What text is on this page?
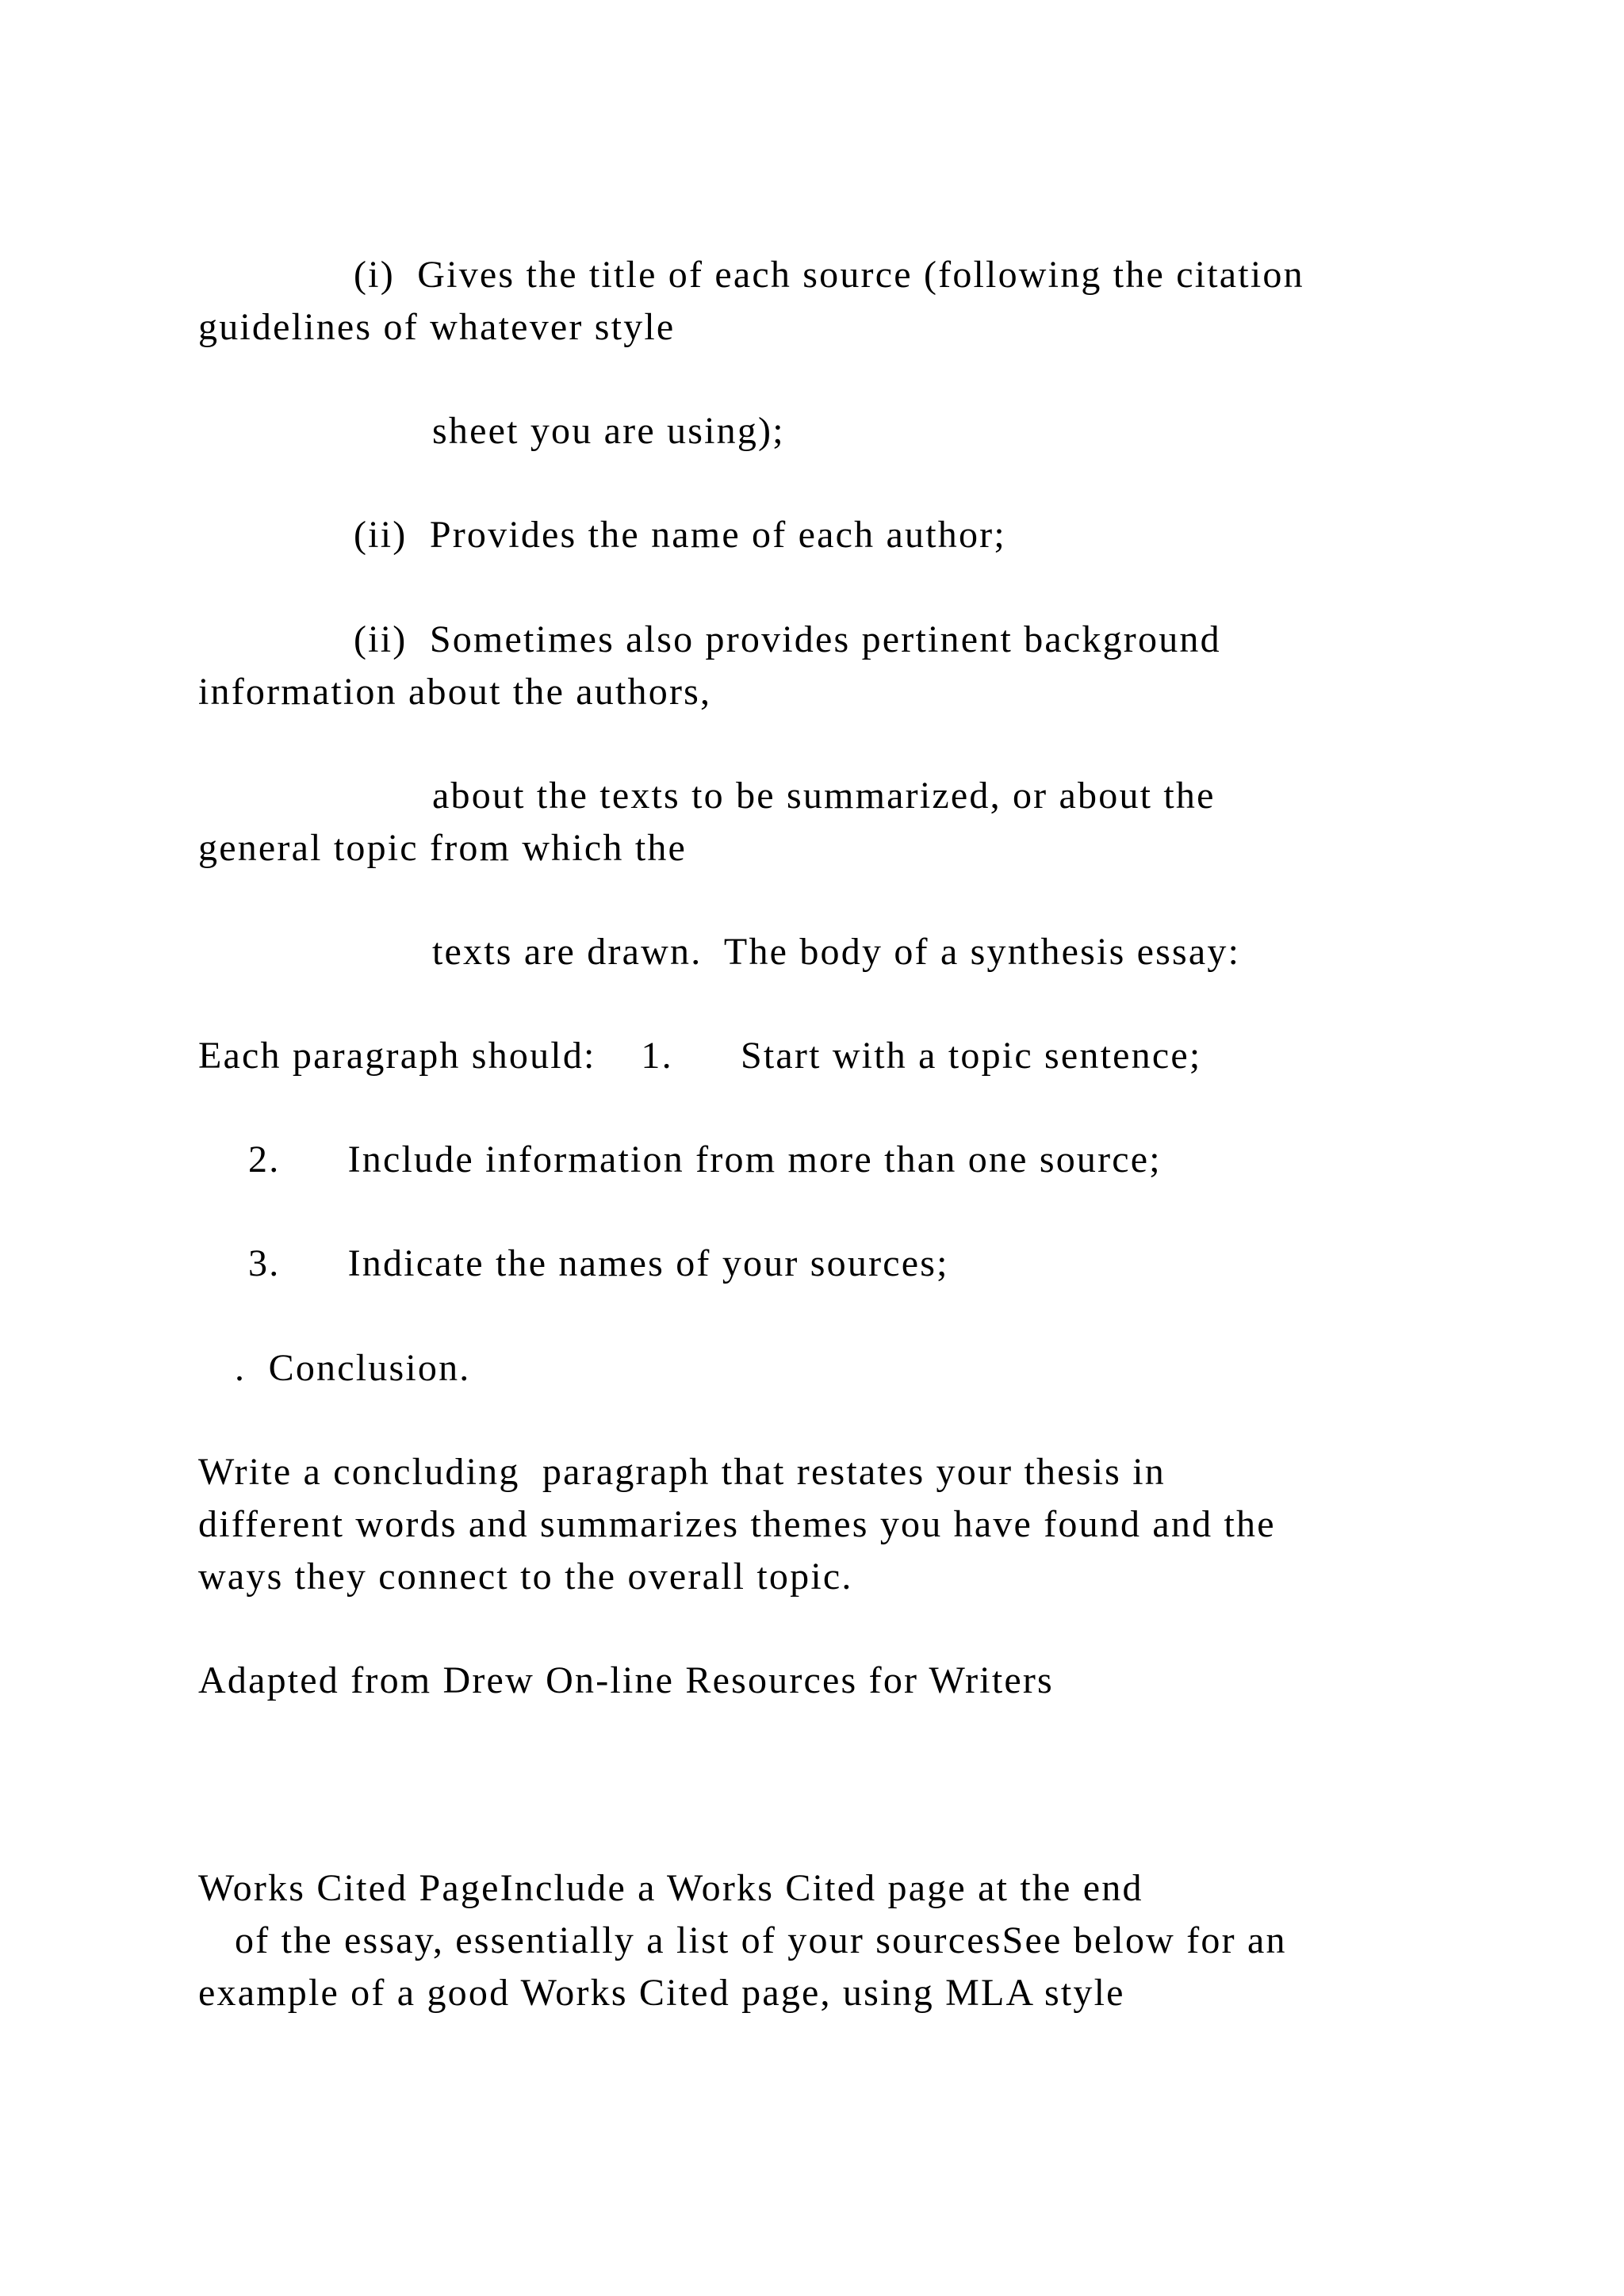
(i)  Gives the title of each source (following the citation
guidelines of whatever style
sheet you are using);
(ii)  Provides the name of each author;
(ii)  Sometimes also provides pertinent background
information about the authors,
about the texts to be summarized, or about the
general topic from which the
texts are drawn.  The body of a synthesis essay:
Each paragraph should:    1.      Start with a topic sentence;
2.      Include information from more than one source;
3.      Indicate the names of your sources;
.  Conclusion.
Write a concluding  paragraph that restates your thesis in
different words and summarizes themes you have found and the
ways they connect to the overall topic.
Adapted from Drew On-line Resources for Writers
Works Cited PageInclude a Works Cited page at the end
of the essay, essentially a list of your sourcesSee below for an
example of a good Works Cited page, using MLA style
